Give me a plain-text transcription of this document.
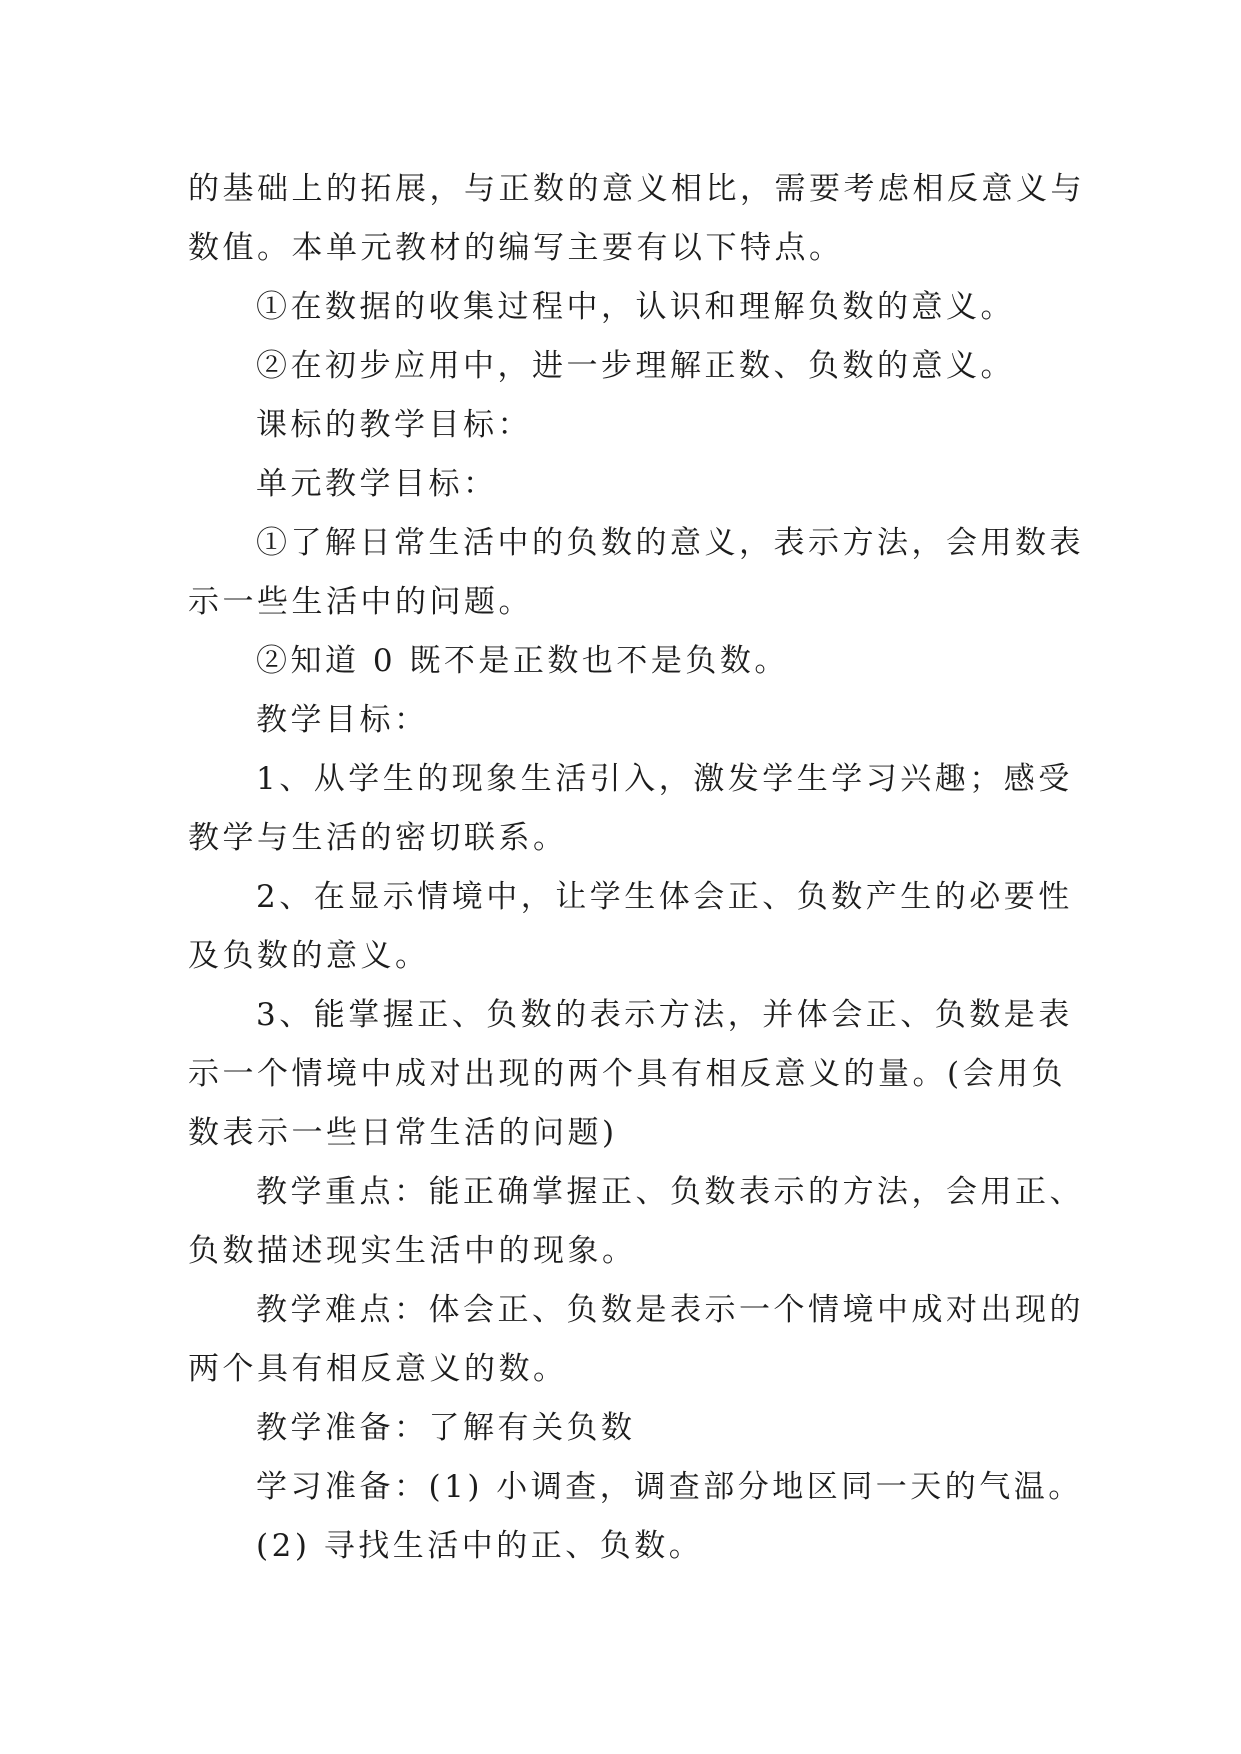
的基础上的拓展，与正数的意义相比，需要考虑相反意义与
数值。本单元教材的编写主要有以下特点。
①在数据的收集过程中，认识和理解负数的意义。
②在初步应用中，进一步理解正数、负数的意义。
课标的教学目标：
单元教学目标：
①了解日常生活中的负数的意义，表示方法，会用数表
示一些生活中的问题。
②知道 0 既不是正数也不是负数。
教学目标：
1、从学生的现象生活引入，激发学生学习兴趣；感受
教学与生活的密切联系。
2、在显示情境中，让学生体会正、负数产生的必要性
及负数的意义。
3、能掌握正、负数的表示方法，并体会正、负数是表
示一个情境中成对出现的两个具有相反意义的量。(会用负
数表示一些日常生活的问题)
教学重点：能正确掌握正、负数表示的方法，会用正、
负数描述现实生活中的现象。
教学难点：体会正、负数是表示一个情境中成对出现的
两个具有相反意义的数。
教学准备：了解有关负数
学习准备：(1) 小调查，调查部分地区同一天的气温。
(2) 寻找生活中的正、负数。
